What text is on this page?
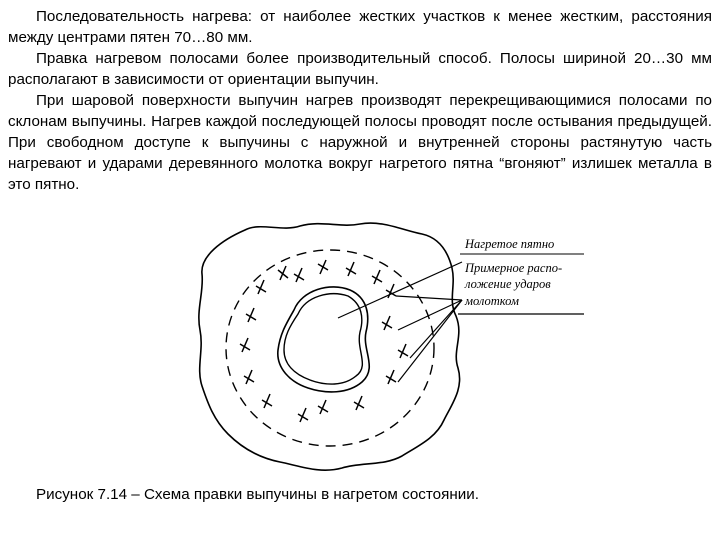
Последовательность нагрева: от наиболее жестких участков к менее жестким, расстояния между центрами пятен 70…80 мм.

Правка нагревом полосами более производительный способ. Полосы шириной 20…30 мм располагают в зависимости от ориентации выпучин.

При шаровой поверхности выпучин нагрев производят перекрещивающимися полосами по склонам выпучины. Нагрев каждой последующей полосы проводят после остывания предыдущей. При свободном доступе к выпучины с наружной и внутренней стороны растянутую часть нагревают и ударами деревянного молотка вокруг нагретого пятна “вгоняют” излишек металла в это пятно.

Нагретое пятно
Примерное распо-
ложение ударов
молотком
Рисунок 7.14 – Схема правки выпучины в нагретом состоянии.
